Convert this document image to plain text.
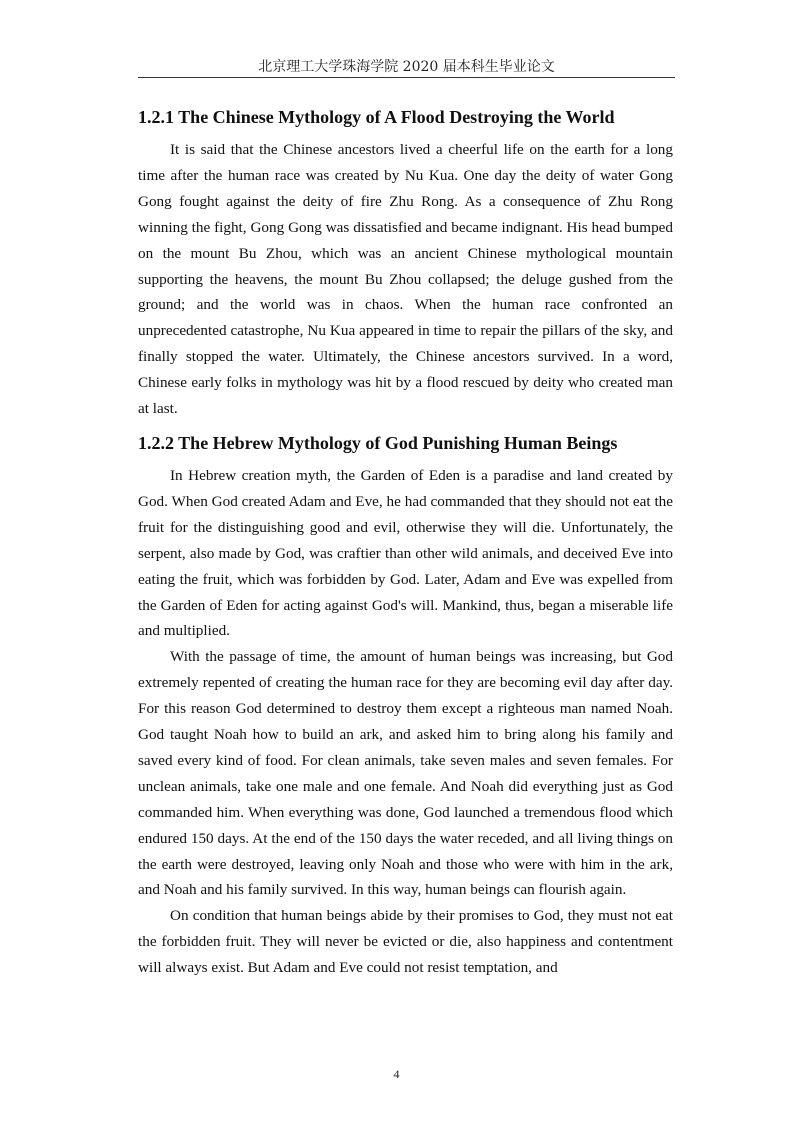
北京理工大学珠海学院 2020 届本科生毕业论文
1.2.1 The Chinese Mythology of A Flood Destroying the World

It is said that the Chinese ancestors lived a cheerful life on the earth for a long time after the human race was created by Nu Kua. One day the deity of water Gong Gong fought against the deity of fire Zhu Rong. As a consequence of Zhu Rong winning the fight, Gong Gong was dissatisfied and became indignant. His head bumped on the mount Bu Zhou, which was an ancient Chinese mythological mountain supporting the heavens, the mount Bu Zhou collapsed; the deluge gushed from the ground; and the world was in chaos. When the human race confronted an unprecedented catastrophe, Nu Kua appeared in time to repair the pillars of the sky, and finally stopped the water. Ultimately, the Chinese ancestors survived. In a word, Chinese early folks in mythology was hit by a flood rescued by deity who created man at last.

1.2.2 The Hebrew Mythology of God Punishing Human Beings

In Hebrew creation myth, the Garden of Eden is a paradise and land created by God. When God created Adam and Eve, he had commanded that they should not eat the fruit for the distinguishing good and evil, otherwise they will die. Unfortunately, the serpent, also made by God, was craftier than other wild animals, and deceived Eve into eating the fruit, which was forbidden by God. Later, Adam and Eve was expelled from the Garden of Eden for acting against God's will. Mankind, thus, began a miserable life and multiplied.

With the passage of time, the amount of human beings was increasing, but God extremely repented of creating the human race for they are becoming evil day after day. For this reason God determined to destroy them except a righteous man named Noah. God taught Noah how to build an ark, and asked him to bring along his family and saved every kind of food. For clean animals, take seven males and seven females. For unclean animals, take one male and one female. And Noah did everything just as God commanded him. When everything was done, God launched a tremendous flood which endured 150 days. At the end of the 150 days the water receded, and all living things on the earth were destroyed, leaving only Noah and those who were with him in the ark, and Noah and his family survived. In this way, human beings can flourish again.

On condition that human beings abide by their promises to God, they must not eat the forbidden fruit. They will never be evicted or die, also happiness and contentment will always exist. But Adam and Eve could not resist temptation, and

4
